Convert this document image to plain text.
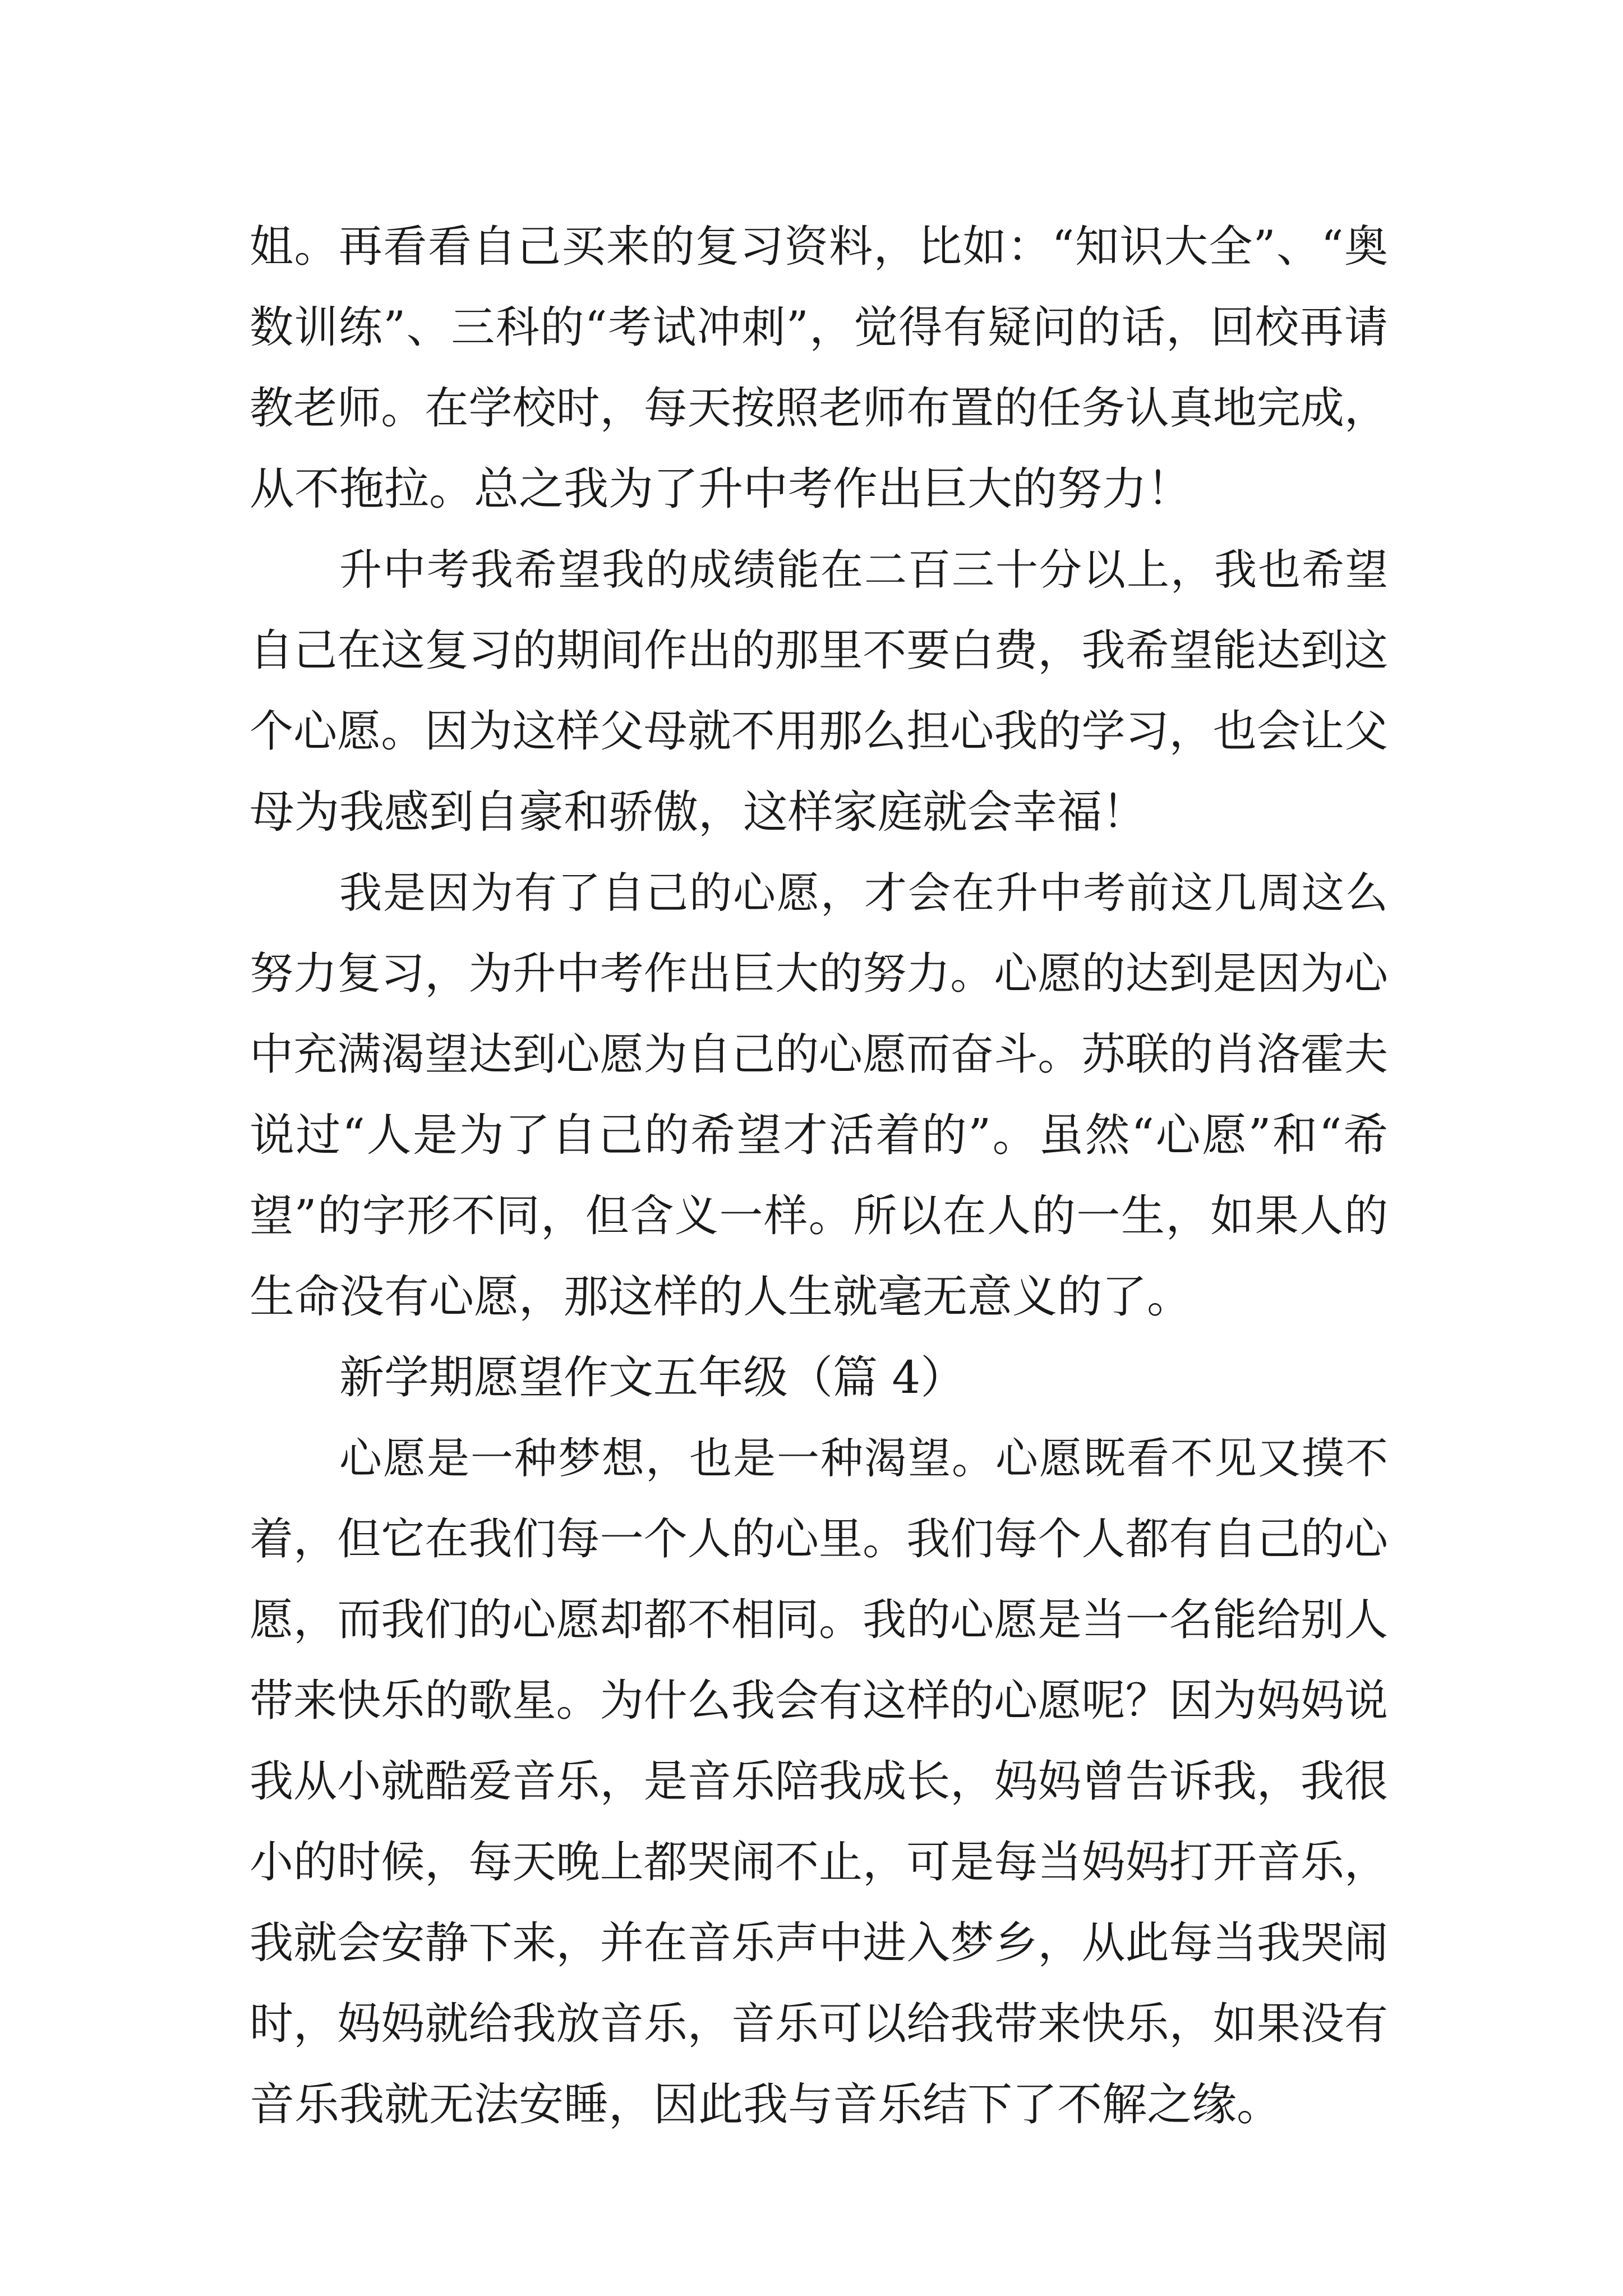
姐。再看看自己买来的复习资料，比如：“知识大全”、“奥
数训练”、三科的“考试冲刺”，觉得有疑问的话，回校再请
教老师。在学校时，每天按照老师布置的任务认真地完成，
从不拖拉。总之我为了升中考作出巨大的努力！
升中考我希望我的成绩能在二百三十分以上，我也希望
自己在这复习的期间作出的那里不要白费，我希望能达到这
个心愿。因为这样父母就不用那么担心我的学习，也会让父
母为我感到自豪和骄傲，这样家庭就会幸福！
我是因为有了自己的心愿，才会在升中考前这几周这么
努力复习，为升中考作出巨大的努力。心愿的达到是因为心
中充满渴望达到心愿为自己的心愿而奋斗。苏联的肖洛霍夫
说过“人是为了自己的希望才活着的”。虽然“心愿”和“希
望”的字形不同，但含义一样。所以在人的一生，如果人的
生命没有心愿，那这样的人生就毫无意义的了。
新学期愿望作文五年级（篇 4）
心愿是一种梦想，也是一种渴望。心愿既看不见又摸不
着，但它在我们每一个人的心里。我们每个人都有自己的心
愿，而我们的心愿却都不相同。我的心愿是当一名能给别人
带来快乐的歌星。为什么我会有这样的心愿呢？因为妈妈说
我从小就酷爱音乐，是音乐陪我成长，妈妈曾告诉我，我很
小的时候，每天晚上都哭闹不止，可是每当妈妈打开音乐，
我就会安静下来，并在音乐声中进入梦乡，从此每当我哭闹
时，妈妈就给我放音乐，音乐可以给我带来快乐，如果没有
音乐我就无法安睡，因此我与音乐结下了不解之缘。
